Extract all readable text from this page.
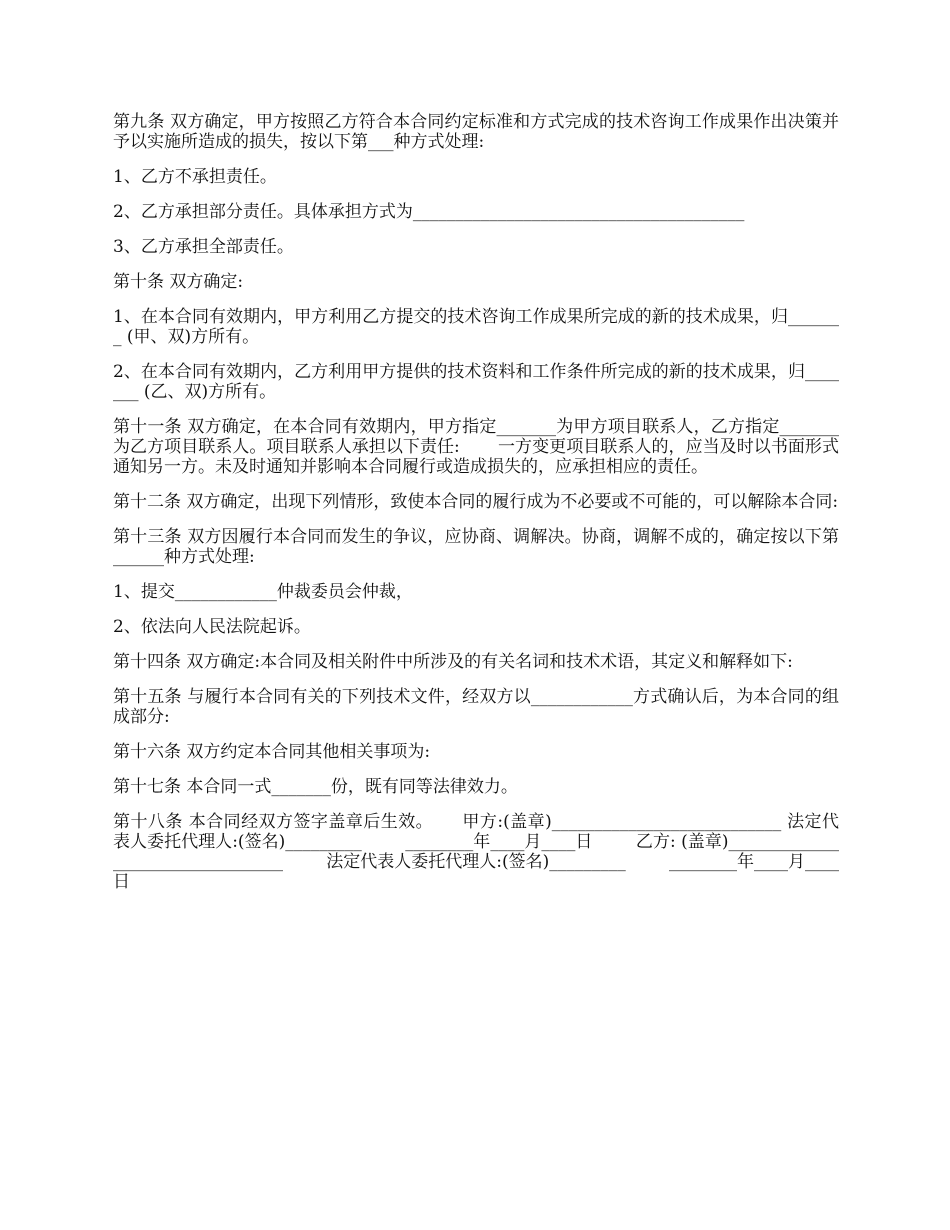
第九条 双方确定，甲方按照乙方符合本合同约定标准和方式完成的技术咨询工作成果作出决策并予以实施所造成的损失，按以下第___种方式处理:

1、乙方不承担责任。

2、乙方承担部分责任。具体承担方式为_______________________________________

3、乙方承担全部责任。

第十条 双方确定:

1、在本合同有效期内，甲方利用乙方提交的技术咨询工作成果所完成的新的技术成果，归_______ (甲、双)方所有。

2、在本合同有效期内，乙方利用甲方提供的技术资料和工作条件所完成的新的技术成果，归_______ (乙、双)方所有。

第十一条 双方确定，在本合同有效期内，甲方指定_______为甲方项目联系人，乙方指定_______为乙方项目联系人。项目联系人承担以下责任:       一方变更项目联系人的，应当及时以书面形式通知另一方。未及时通知并影响本合同履行或造成损失的，应承担相应的责任。

第十二条 双方确定，出现下列情形，致使本合同的履行成为不必要或不可能的，可以解除本合同:

第十三条 双方因履行本合同而发生的争议，应协商、调解决。协商，调解不成的，确定按以下第______种方式处理:

1、提交____________仲裁委员会仲裁，

2、依法向人民法院起诉。

第十四条 双方确定:本合同及相关附件中所涉及的有关名词和技术术语，其定义和解释如下:

第十五条 与履行本合同有关的下列技术文件，经双方以____________方式确认后，为本合同的组成部分:

第十六条 双方约定本合同其他相关事项为:

第十七条 本合同一式_______份，既有同等法律效力。

第十八条 本合同经双方签字盖章后生效。     甲方:(盖章)___________________________ 法定代表人委托代理人:(签名)_________        ________年____月____日        乙方: (盖章)_________________________________        法定代表人委托代理人:(签名)_________        ________年____月____日
